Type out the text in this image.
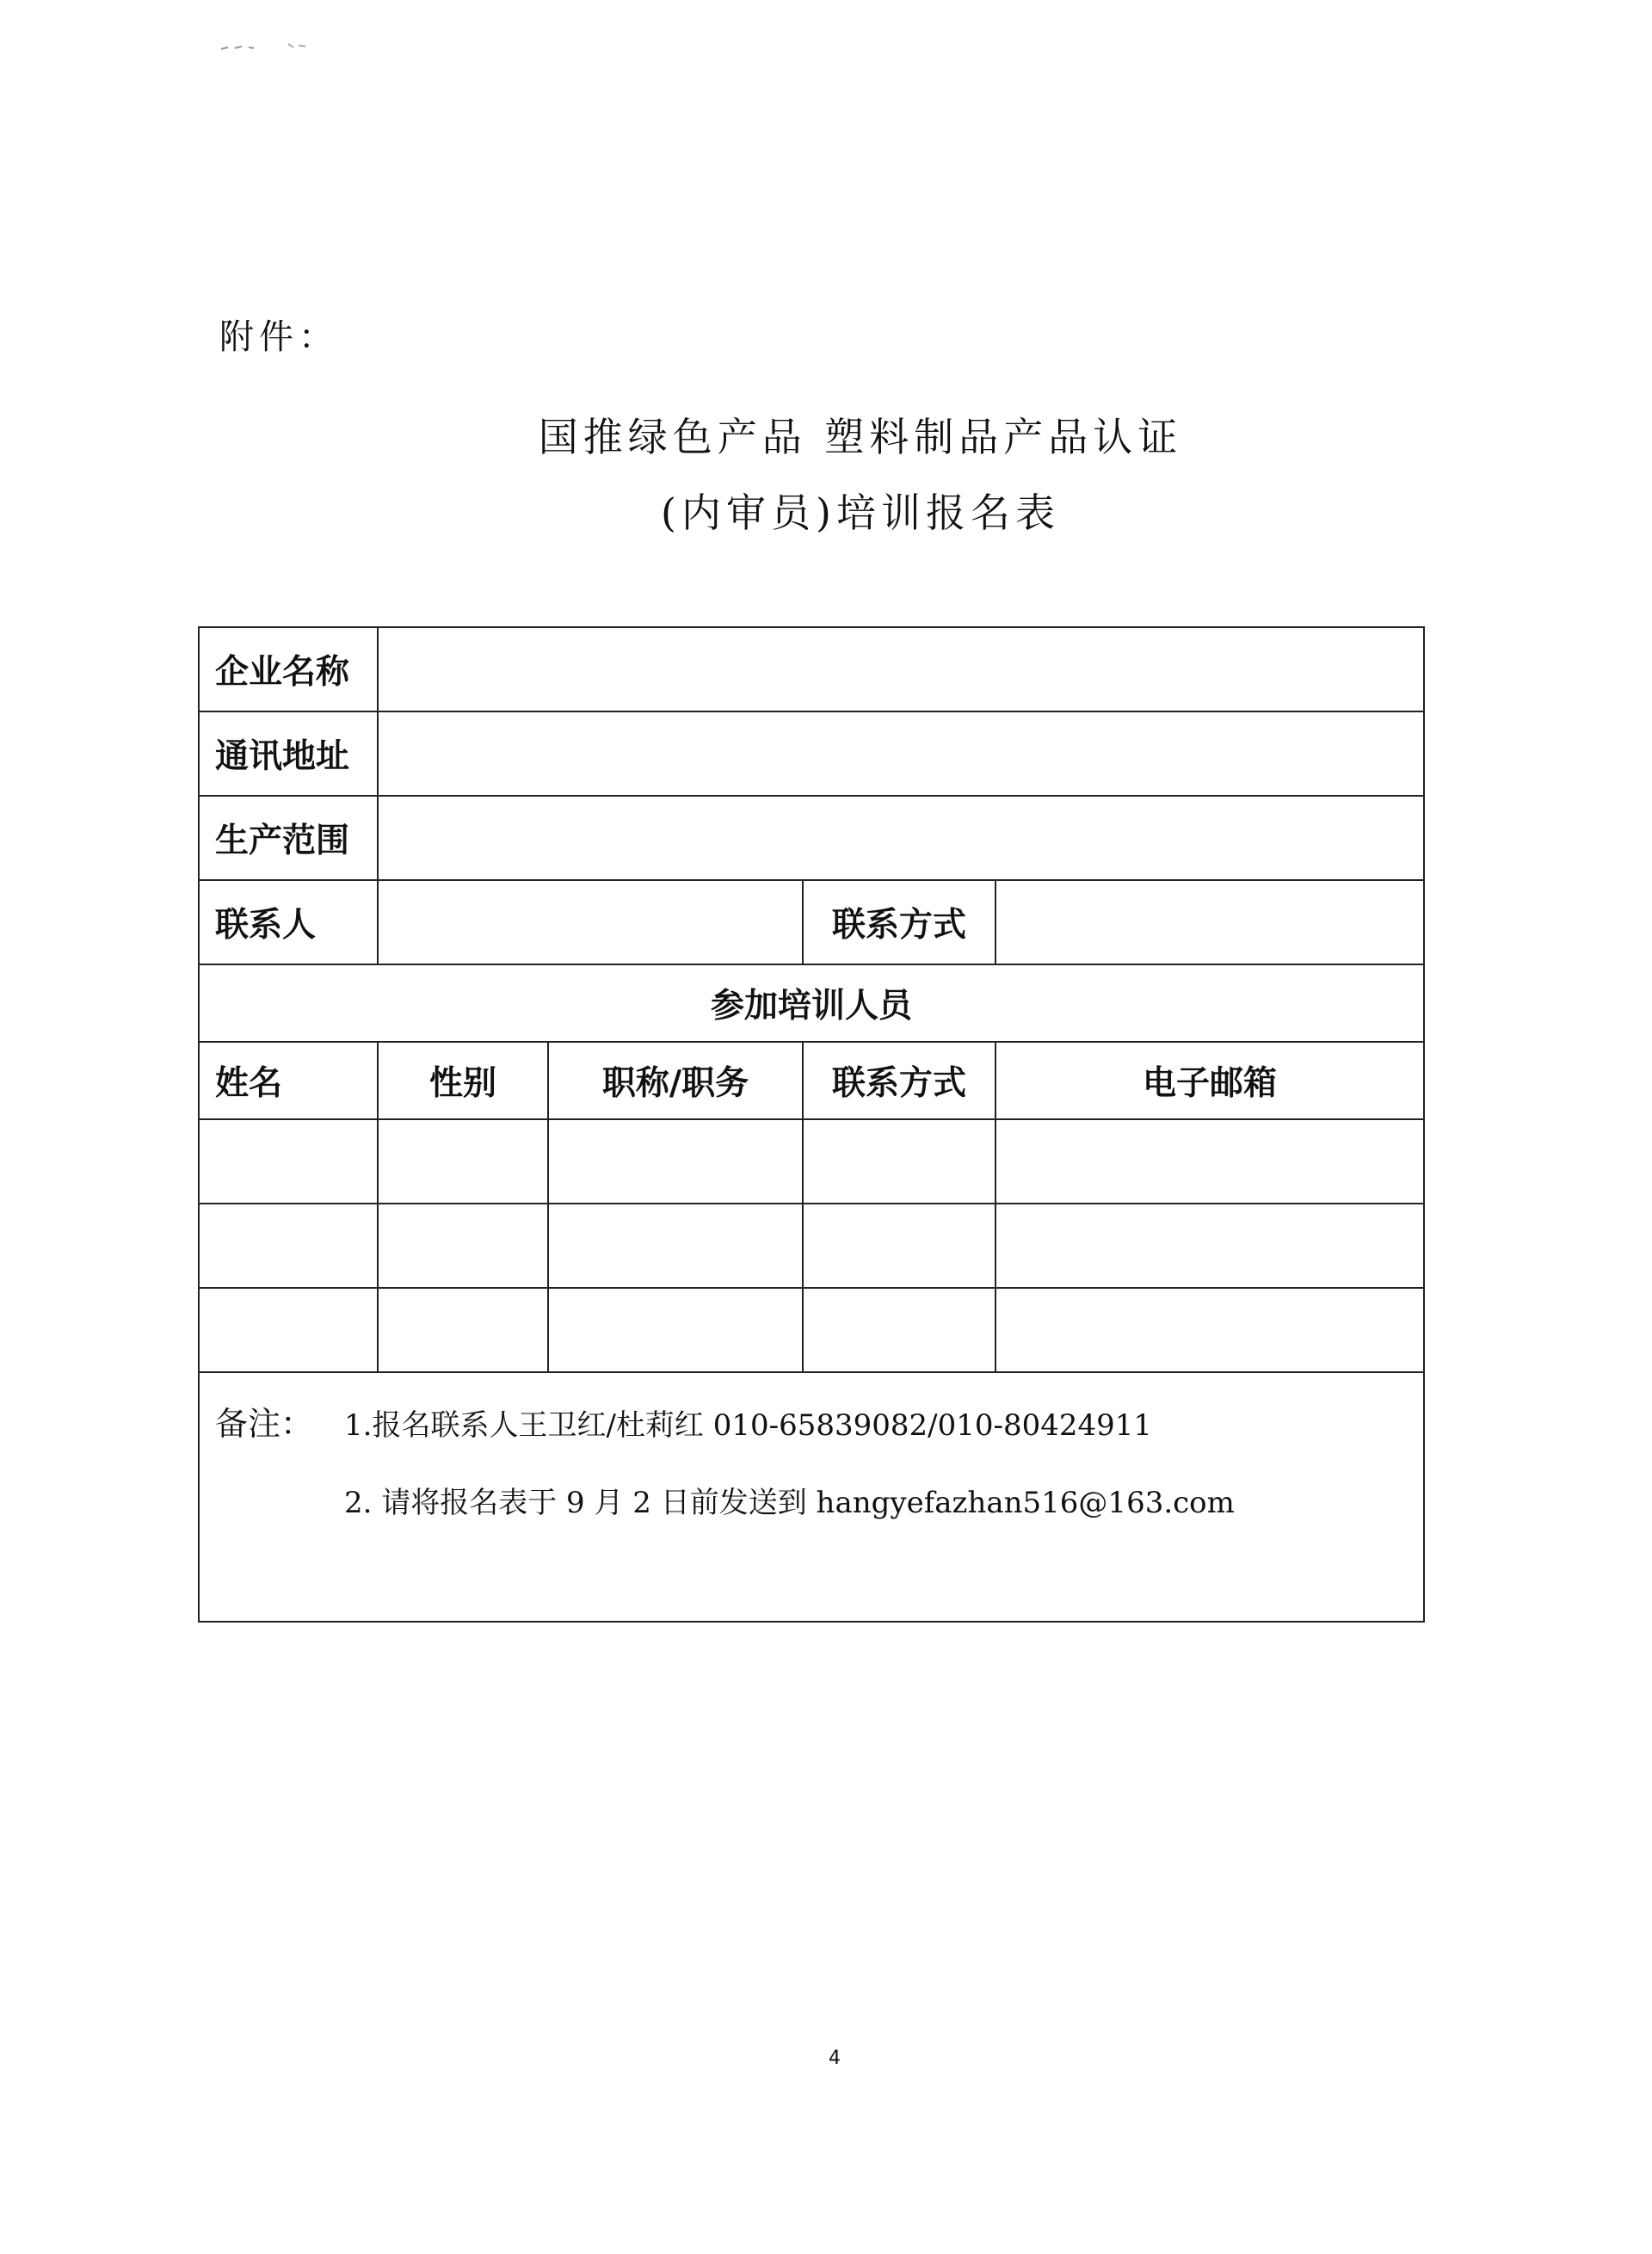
附件：
国推绿色产品 塑料制品产品认证
(内审员)培训报名表
企业名称				
通讯地址				
生产范围				
联系人			联系方式	
参加培训人员				
姓名	性别	职称/职务	联系方式	电子邮箱

备注： 1.报名联系人王卫红/杜莉红 010-65839082/010-80424911
2. 请将报名表于 9 月 2 日前发送到 hangyefazhan516@163.com				
4
